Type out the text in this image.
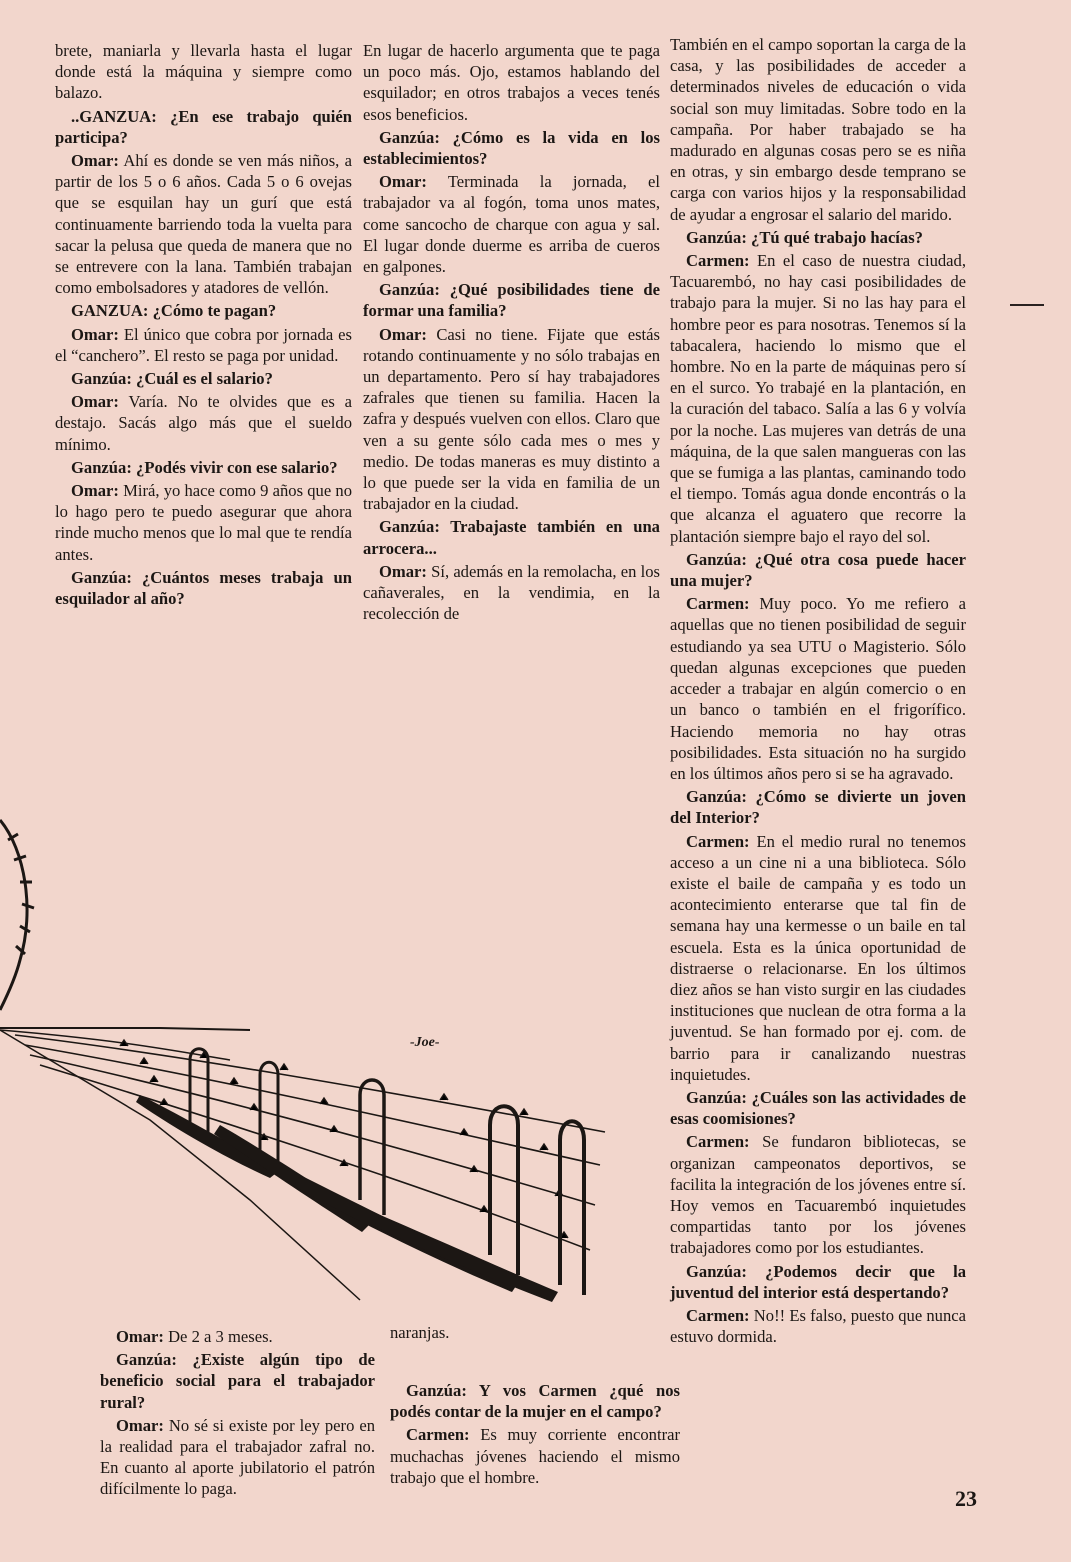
brete, maniarla y llevarla hasta el lugar donde está la máquina y siempre como balazo.

..GANZUA: ¿En ese trabajo quién participa?

Omar: Ahí es donde se ven más niños, a partir de los 5 o 6 años. Cada 5 o 6 ovejas que se esquilan hay un gurí que está continuamente barriendo toda la vuelta para sacar la pelusa que queda de manera que no se entrevere con la lana. También trabajan como embolsadores y atadores de vellón.

GANZUA: ¿Cómo te pagan?

Omar: El único que cobra por jornada es el “canchero”. El resto se paga por unidad.

Ganzúa: ¿Cuál es el salario?

Omar: Varía. No te olvides que es a destajo. Sacás algo más que el sueldo mínimo.

Ganzúa: ¿Podés vivir con ese salario?

Omar: Mirá, yo hace como 9 años que no lo hago pero te puedo asegurar que ahora rinde mucho menos que lo mal que te rendía antes.

Ganzúa: ¿Cuántos meses trabaja un esquilador al año?

En lugar de hacerlo argumenta que te paga un poco más. Ojo, estamos hablando del esquilador; en otros trabajos a veces tenés esos beneficios.

Ganzúa: ¿Cómo es la vida en los establecimientos?

Omar: Terminada la jornada, el trabajador va al fogón, toma unos mates, come sancocho de charque con agua y sal. El lugar donde duerme es arriba de cueros en galpones.

Ganzúa: ¿Qué posibilidades tiene de formar una familia?

Omar: Casi no tiene. Fijate que estás rotando continuamente y no sólo trabajas en un departamento. Pero sí hay trabajadores zafrales que tienen su familia. Hacen la zafra y después vuelven con ellos. Claro que ven a su gente sólo cada mes o mes y medio. De todas maneras es muy distinto a lo que puede ser la vida en familia de un trabajador en la ciudad.

Ganzúa: Trabajaste también en una arrocera...

Omar: Sí, además en la remolacha, en los cañaverales, en la vendimia, en la recolección de

También en el campo soportan la carga de la casa, y las posibilidades de acceder a determinados niveles de educación o vida social son muy limitadas. Sobre todo en la campaña. Por haber trabajado se ha madurado en algunas cosas pero se es niña en otras, y sin embargo desde temprano se carga con varios hijos y la responsabilidad de ayudar a engrosar el salario del marido.

Ganzúa: ¿Tú qué trabajo hacías?

Carmen: En el caso de nuestra ciudad, Tacuarembó, no hay casi posibilidades de trabajo para la mujer. Si no las hay para el hombre peor es para nosotras. Tenemos sí la tabacalera, haciendo lo mismo que el hombre. No en la parte de máquinas pero sí en el surco. Yo trabajé en la plantación, en la curación del tabaco. Salía a las 6 y volvía por la noche. Las mujeres van detrás de una máquina, de la que salen mangueras con las que se fumiga a las plantas, caminando todo el tiempo. Tomás agua donde encontrás o la que alcanza el aguatero que recorre la plantación siempre bajo el rayo del sol.

Ganzúa: ¿Qué otra cosa puede hacer una mujer?

Carmen: Muy poco. Yo me refiero a aquellas que no tienen posibilidad de seguir estudiando ya sea UTU o Magisterio. Sólo quedan algunas excepciones que pueden acceder a trabajar en algún comercio o en un banco o también en el frigorífico. Haciendo memoria no hay otras posibilidades. Esta situación no ha surgido en los últimos años pero si se ha agravado.

Ganzúa: ¿Cómo se divierte un joven del Interior?

Carmen: En el medio rural no tenemos acceso a un cine ni a una biblioteca. Sólo existe el baile de campaña y es todo un acontecimiento enterarse que tal fin de semana hay una kermesse o un baile en tal escuela. Esta es la única oportunidad de distraerse o relacionarse. En los últimos diez años se han visto surgir en las ciudades instituciones que nuclean de otra forma a la juventud. Se han formado por ej. com. de barrio para ir canalizando nuestras inquietudes.

Ganzúa: ¿Cuáles son las actividades de esas coomisiones?

Carmen: Se fundaron bibliotecas, se organizan campeonatos deportivos, se facilita la integración de los jóvenes entre sí. Hoy vemos en Tacuarembó inquietudes compartidas tanto por los jóvenes trabajadores como por los estudiantes.

Ganzúa: ¿Podemos decir que la juventud del interior está despertando?

Carmen: No!! Es falso, puesto que nunca estuvo dormida.

Omar: De 2 a 3 meses.

Ganzúa: ¿Existe algún tipo de beneficio social para el trabajador rural?

Omar: No sé si existe por ley pero en la realidad para el trabajador zafral no. En cuanto al aporte jubilatorio el patrón difícilmente lo paga.

naranjas.

Ganzúa: Y vos Carmen ¿qué nos podés contar de la mujer en el campo?

Carmen: Es muy corriente encontrar muchachas jóvenes haciendo el mismo trabajo que el hombre.

-Joe-
23
